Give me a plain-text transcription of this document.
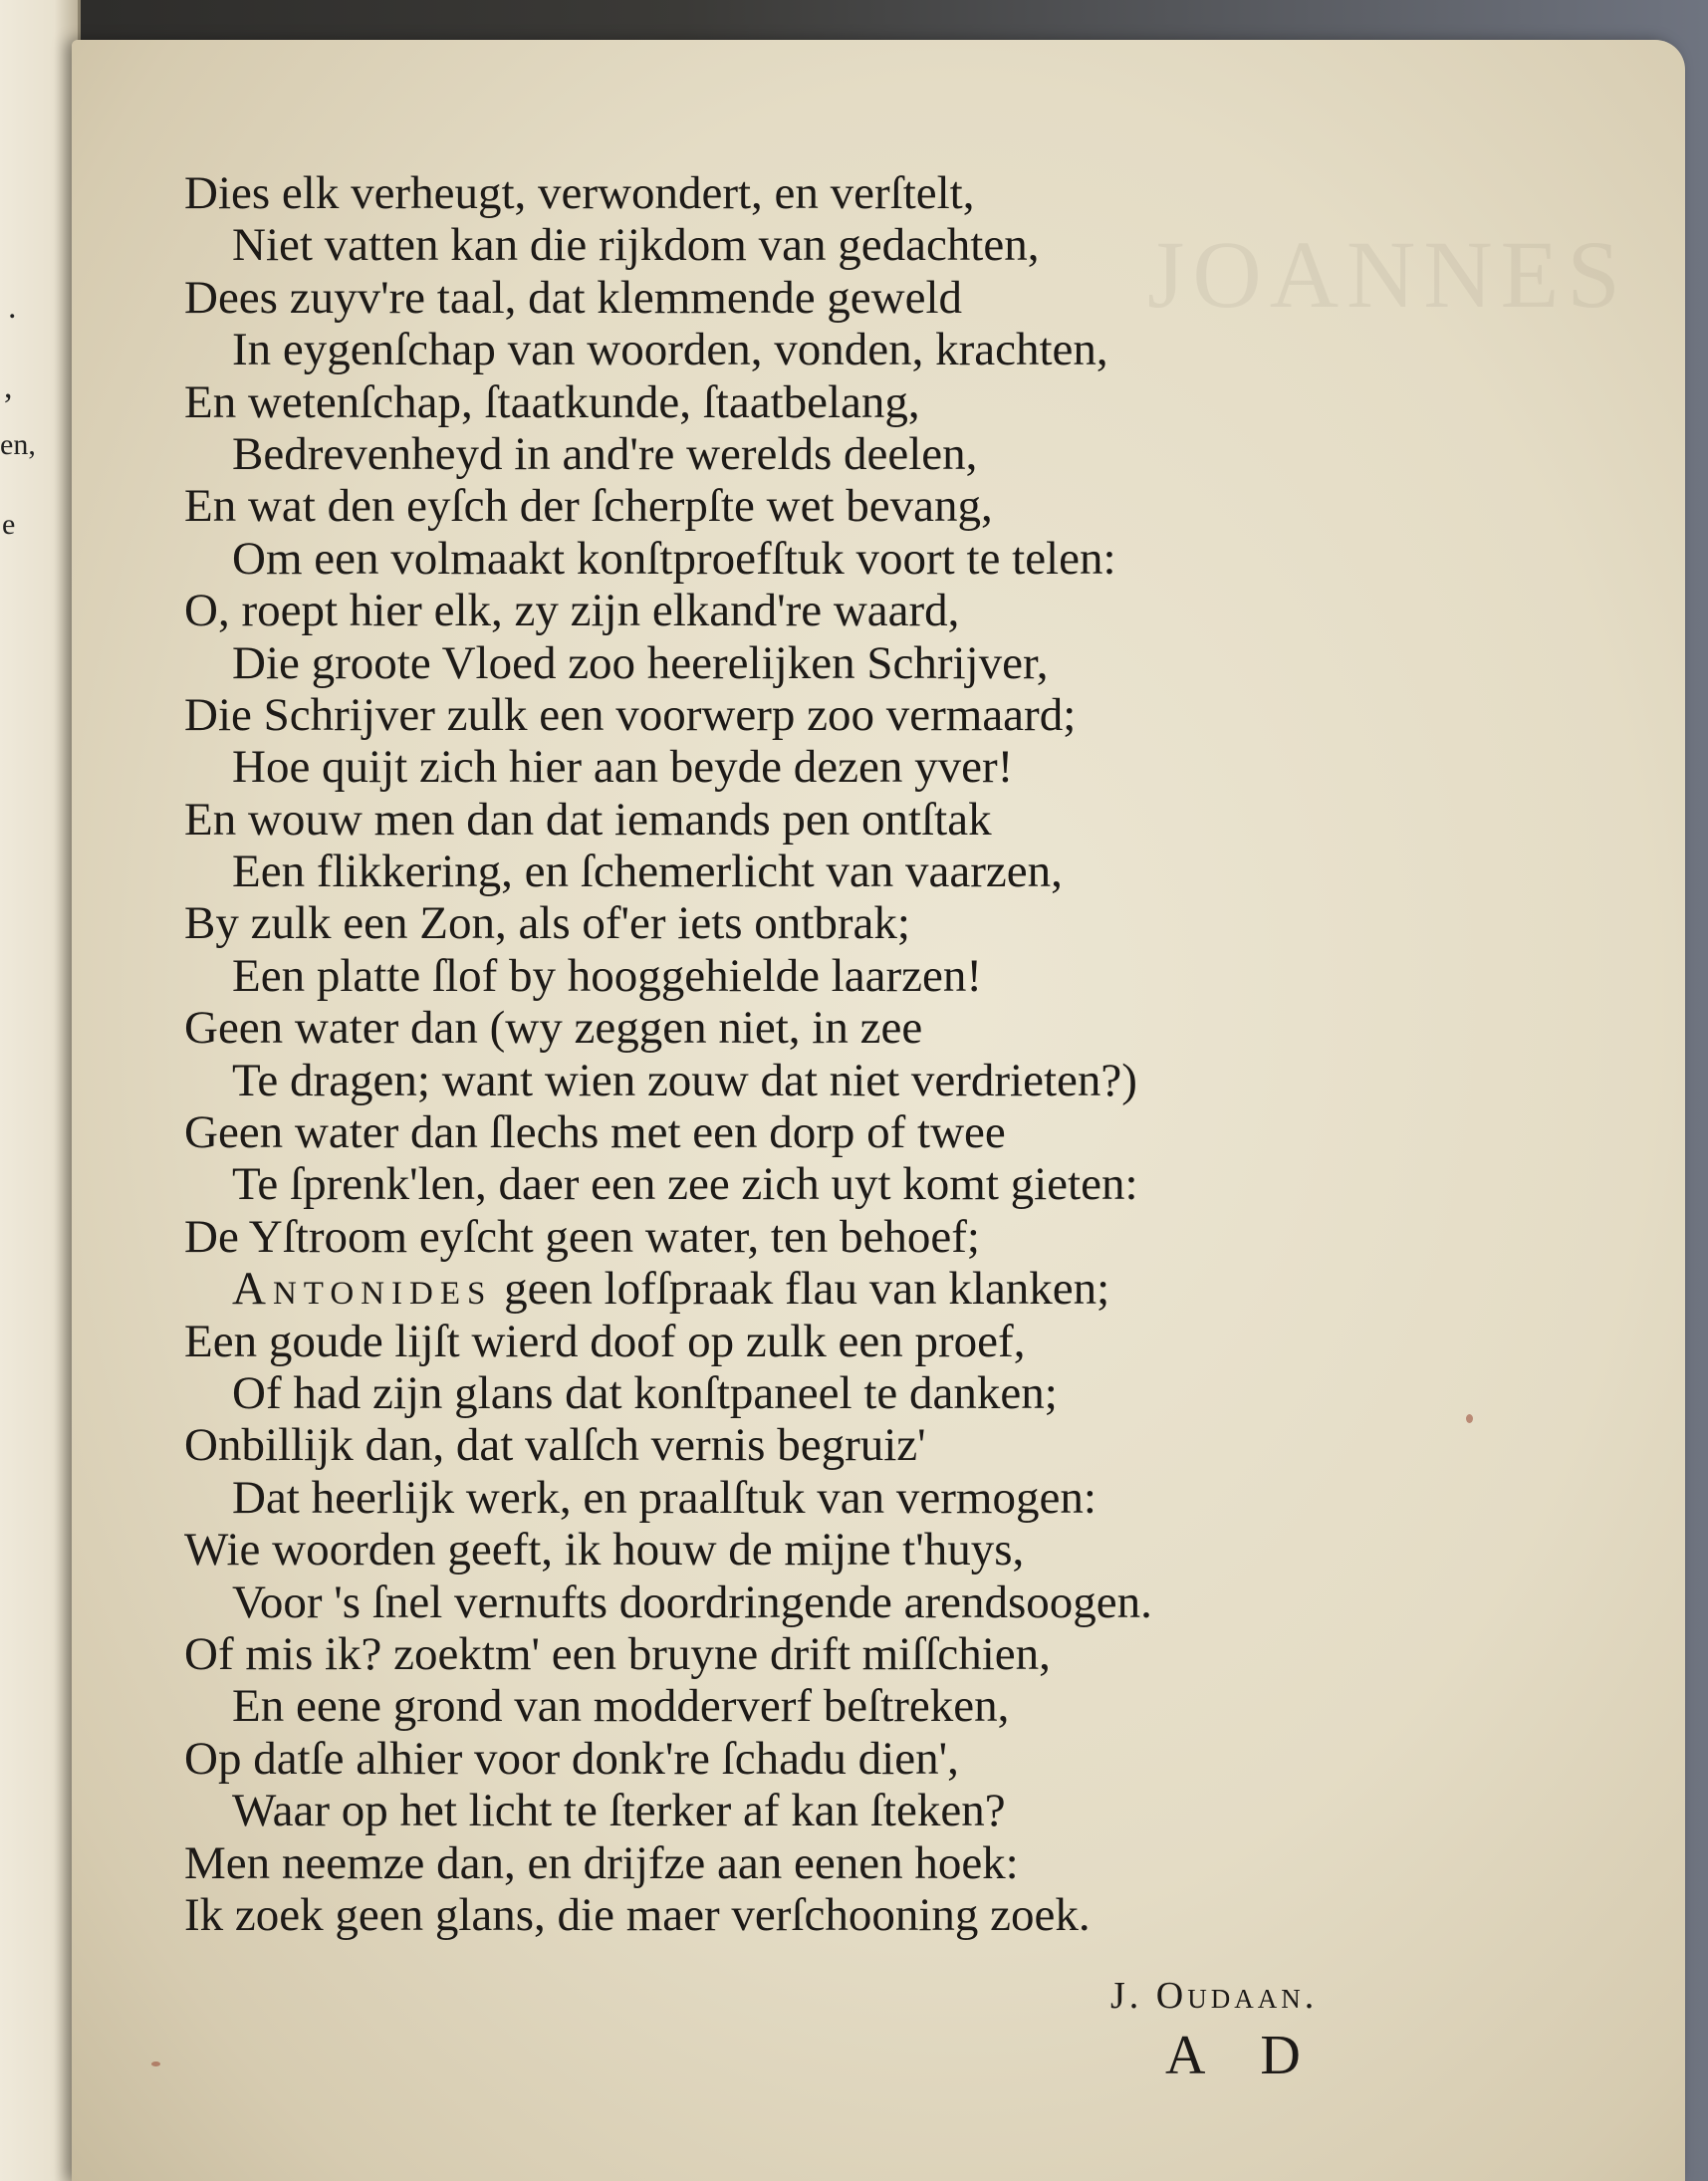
.
,
en,
e
JOANNES
Dies elk verheugt, verwondert, en verſtelt,
Niet vatten kan die rijkdom van gedachten,
Dees zuyv're taal, dat klemmende geweld
In eygenſchap van woorden, vonden, krachten,
En wetenſchap, ſtaatkunde, ſtaatbelang,
Bedrevenheyd in and're werelds deelen,
En wat den eyſch der ſcherpſte wet bevang,
Om een volmaakt konſtproefſtuk voort te telen:
O, roept hier elk, zy zijn elkand're waard,
Die groote Vloed zoo heerelijken Schrijver,
Die Schrijver zulk een voorwerp zoo vermaard;
Hoe quijt zich hier aan beyde dezen yver!
En wouw men dan dat iemands pen ontſtak
Een flikkering, en ſchemerlicht van vaarzen,
By zulk een Zon, als of'er iets ontbrak;
Een platte ſlof by hooggehielde laarzen!
Geen water dan (wy zeggen niet, in zee
Te dragen; want wien zouw dat niet verdrieten?)
Geen water dan ſlechs met een dorp of twee
Te ſprenk'len, daer een zee zich uyt komt gieten:
De Yſtroom eyſcht geen water, ten behoef;
Antonides geen lofſpraak flau van klanken;
Een goude lijſt wierd doof op zulk een proef,
Of had zijn glans dat konſtpaneel te danken;
Onbillijk dan, dat valſch vernis begruiz'
Dat heerlijk werk, en praalſtuk van vermogen:
Wie woorden geeft, ik houw de mijne t'huys,
Voor 's ſnel vernufts doordringende arendsoogen.
Of mis ik? zoektm' een bruyne drift miſſchien,
En eene grond van modderverf beſtreken,
Op datſe alhier voor donk're ſchadu dien',
Waar op het licht te ſterker af kan ſteken?
Men neemze dan, en drijfze aan eenen hoek:
Ik zoek geen glans, die maer verſchooning zoek.
J. Oudaan.
A D
